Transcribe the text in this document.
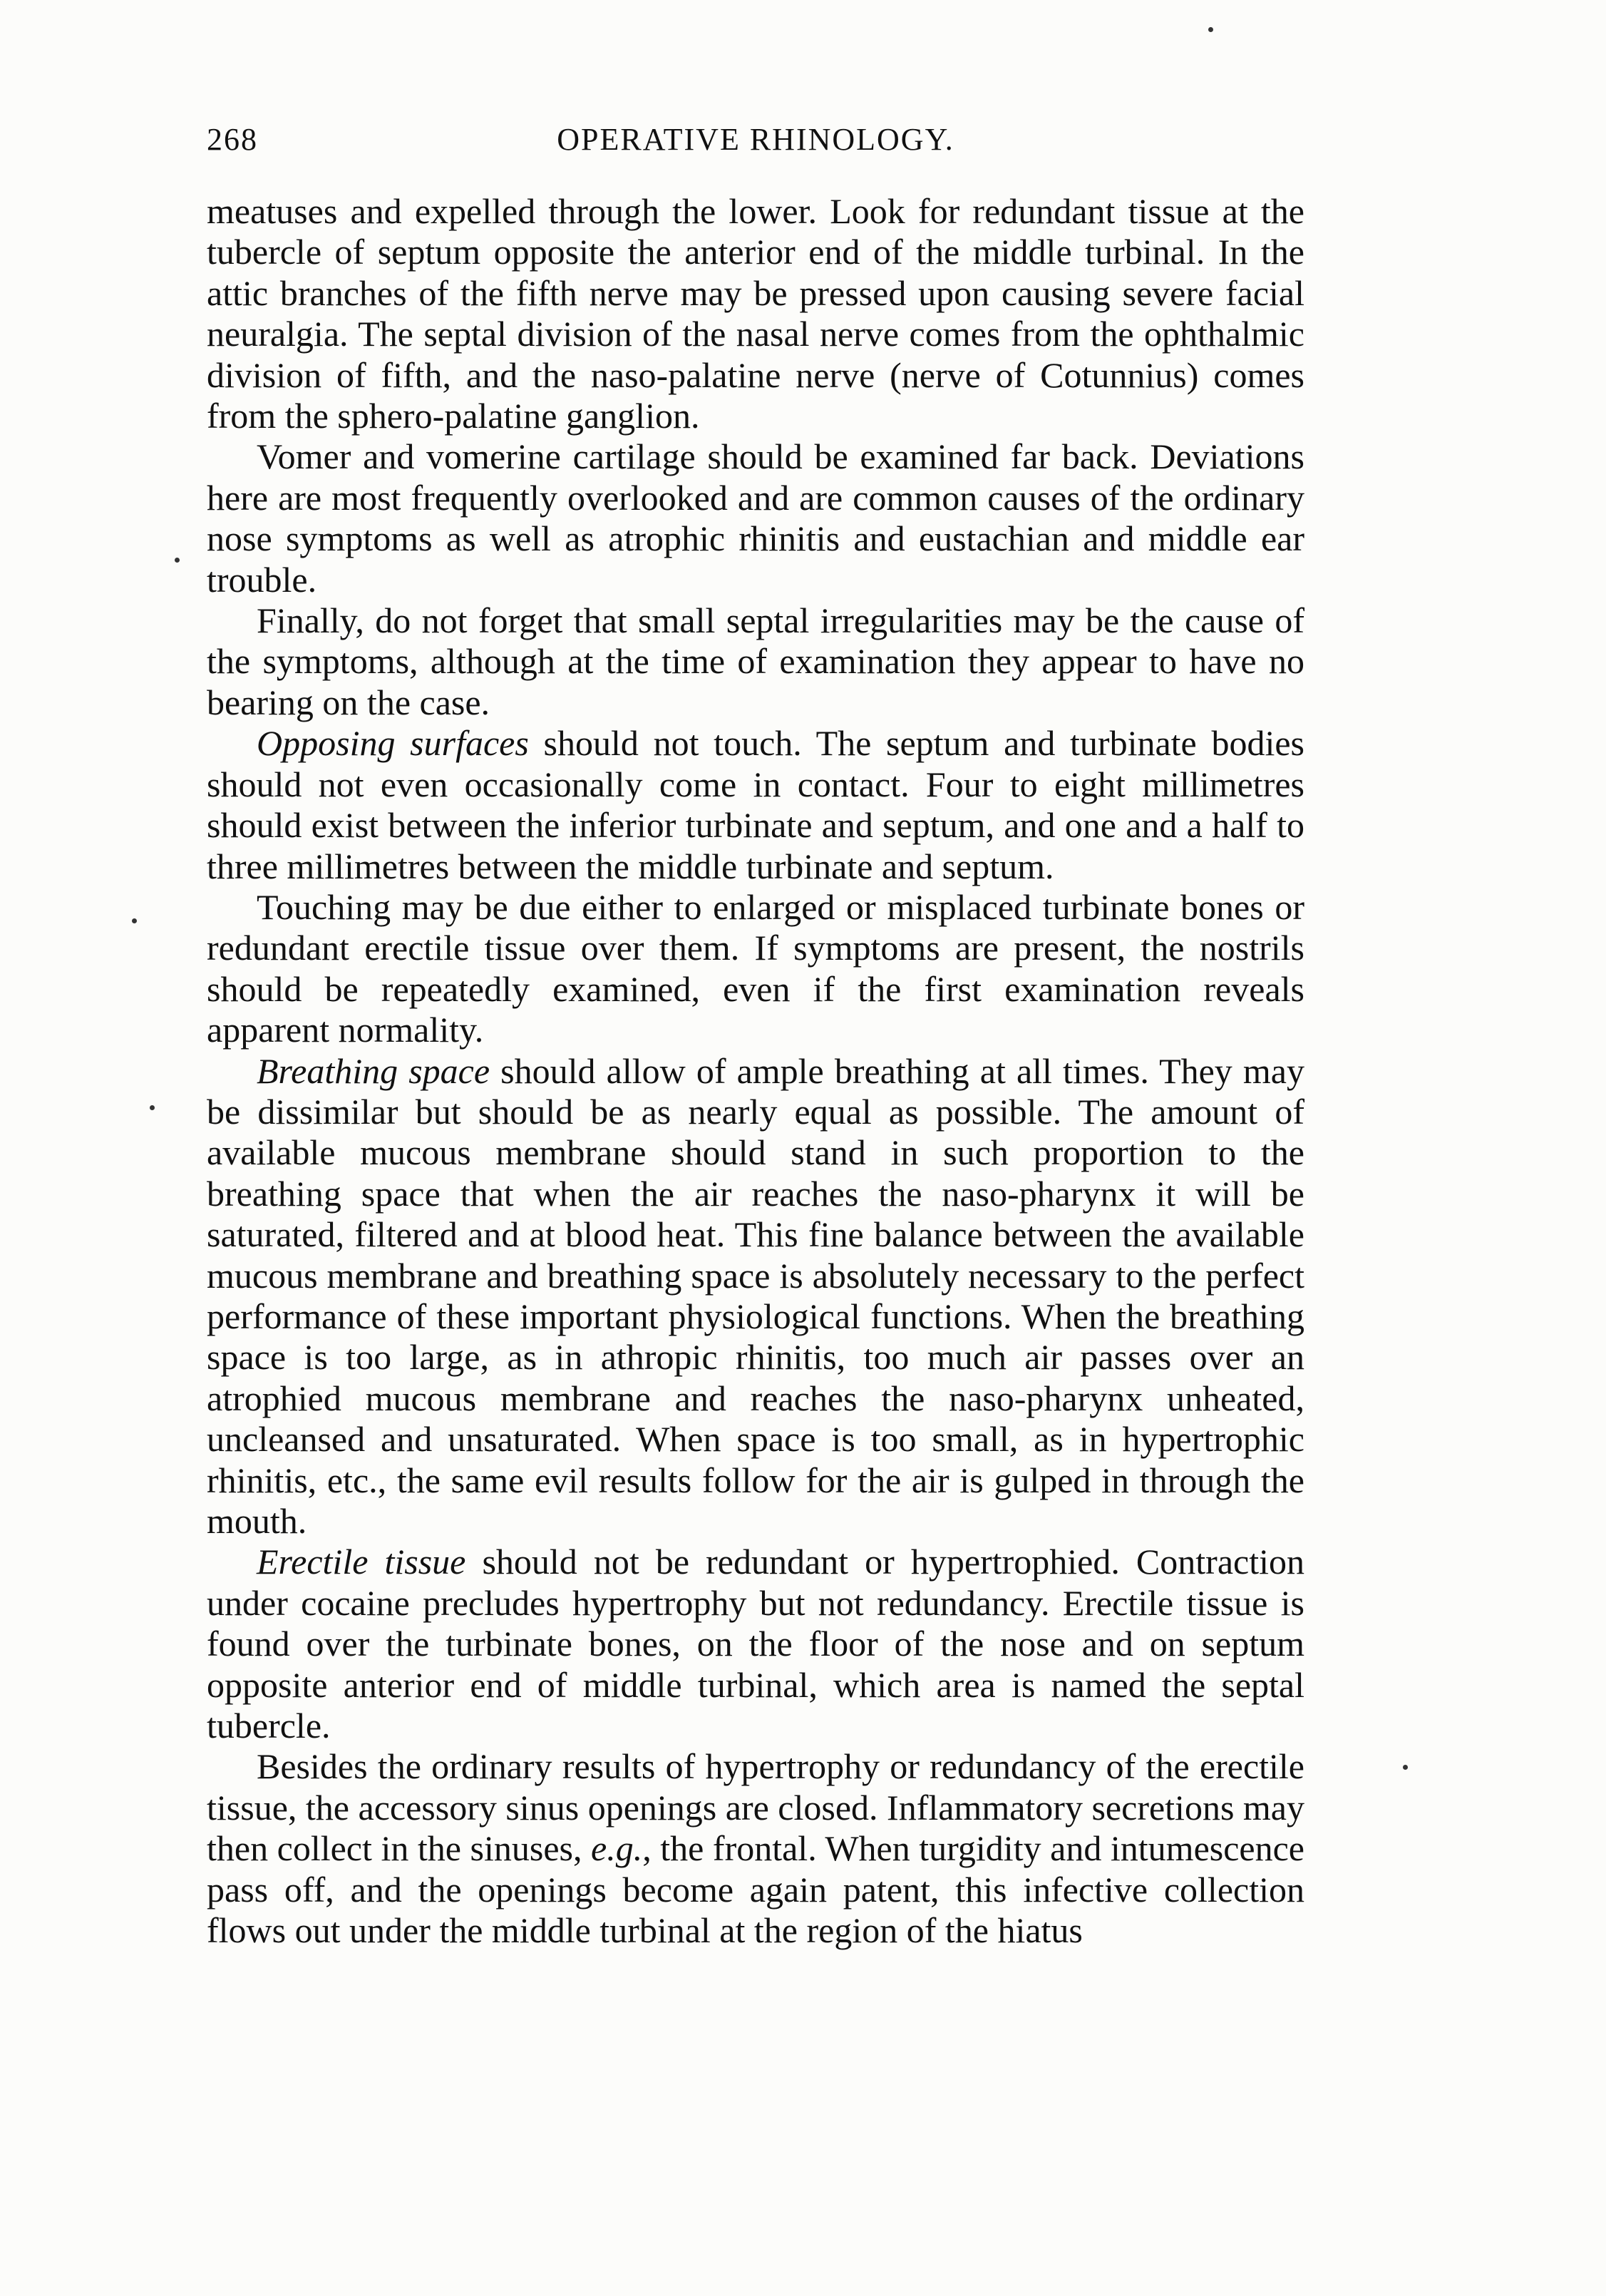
268	OPERATIVE RHINOLOGY.

meatuses and expelled through the lower. Look for redundant tissue at the tubercle of septum opposite the anterior end of the middle turbinal. In the attic branches of the fifth nerve may be pressed upon causing severe facial neuralgia. The septal division of the nasal nerve comes from the ophthalmic division of fifth, and the naso-palatine nerve (nerve of Cotunnius) comes from the sphero-palatine ganglion.

Vomer and vomerine cartilage should be examined far back. Deviations here are most frequently overlooked and are common causes of the ordinary nose symptoms as well as atrophic rhinitis and eustachian and middle ear trouble.

Finally, do not forget that small septal irregularities may be the cause of the symptoms, although at the time of examination they appear to have no bearing on the case.

Opposing surfaces should not touch. The septum and turbinate bodies should not even occasionally come in contact. Four to eight millimetres should exist between the inferior turbinate and septum, and one and a half to three millimetres between the middle turbinate and septum.

Touching may be due either to enlarged or misplaced turbinate bones or redundant erectile tissue over them. If symptoms are present, the nostrils should be repeatedly examined, even if the first examination reveals apparent normality.

Breathing space should allow of ample breathing at all times. They may be dissimilar but should be as nearly equal as possible. The amount of available mucous membrane should stand in such proportion to the breathing space that when the air reaches the naso-pharynx it will be saturated, filtered and at blood heat. This fine balance between the available mucous membrane and breathing space is absolutely necessary to the perfect performance of these important physiological functions. When the breathing space is too large, as in athropic rhinitis, too much air passes over an atrophied mucous membrane and reaches the naso-pharynx unheated, uncleansed and unsaturated. When space is too small, as in hypertrophic rhinitis, etc., the same evil results follow for the air is gulped in through the mouth.

Erectile tissue should not be redundant or hypertrophied. Contraction under cocaine precludes hypertrophy but not redundancy. Erectile tissue is found over the turbinate bones, on the floor of the nose and on septum opposite anterior end of middle turbinal, which area is named the septal tubercle.

Besides the ordinary results of hypertrophy or redundancy of the erectile tissue, the accessory sinus openings are closed. Inflammatory secretions may then collect in the sinuses, e.g., the frontal. When turgidity and intumescence pass off, and the openings become again patent, this infective collection flows out under the middle turbinal at the region of the hiatus
